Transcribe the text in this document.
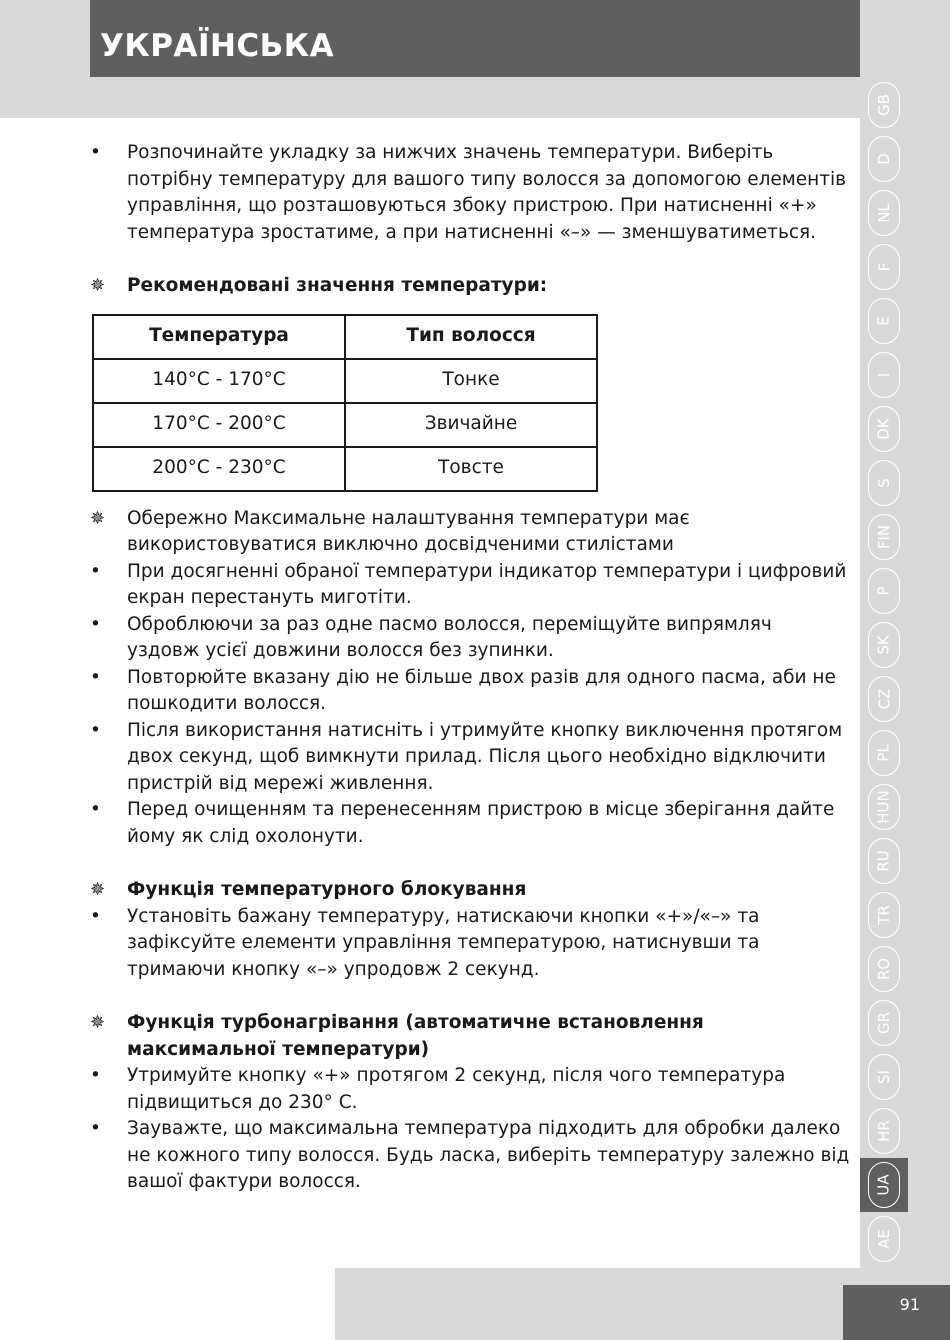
УКРАЇНСЬКА
91
GB
D
NL
F
E
I
DK
S
FIN
P
SK
CZ
PL
HUN
RU
TR
RO
GR
SI
HR
UA
AE
•	Розпочинайте укладку за нижчих значень температури. Виберіть потрібну температуру для вашого типу волосся за допомогою елементів управління, що розташовуються збоку пристрою. При натисненні «+» температура зростатиме, а при натисненні «–» — зменшуватиметься.
✵	Рекомендовані значення температури:
Температура	Тип волосся
140°C - 170°C	Тонке
170°C - 200°C	Звичайне
200°C - 230°C	Товсте
✵	Обережно Максимальне налаштування температури має використовуватися виключно досвідченими стилістами
•	При досягненні обраної температури індикатор температури і цифровий екран перестануть миготіти.
•	Оброблюючи за раз одне пасмо волосся, переміщуйте випрямляч уздовж усієї довжини волосся без зупинки.
•	Повторюйте вказану дію не більше двох разів для одного пасма, аби не пошкодити волосся.
•	Після використання натисніть і утримуйте кнопку виключення протягом двох секунд, щоб вимкнути прилад. Після цього необхідно відключити пристрій від мережі живлення.
•	Перед очищенням та перенесенням пристрою в місце зберігання дайте йому як слід охолонути.
✵	Функція температурного блокування
•	Установіть бажану температуру, натискаючи кнопки «+»/«–» та зафіксуйте елементи управління температурою, натиснувши та тримаючи кнопку «–» упродовж 2 секунд.
✵	Функція турбонагрівання (автоматичне встановлення максимальної температури)
•	Утримуйте кнопку «+» протягом 2 секунд, після чого температура підвищиться до 230° С.
•	Зауважте, що максимальна температура підходить для обробки далеко не кожного типу волосся. Будь ласка, виберіть температуру залежно від вашої фактури волосся.
